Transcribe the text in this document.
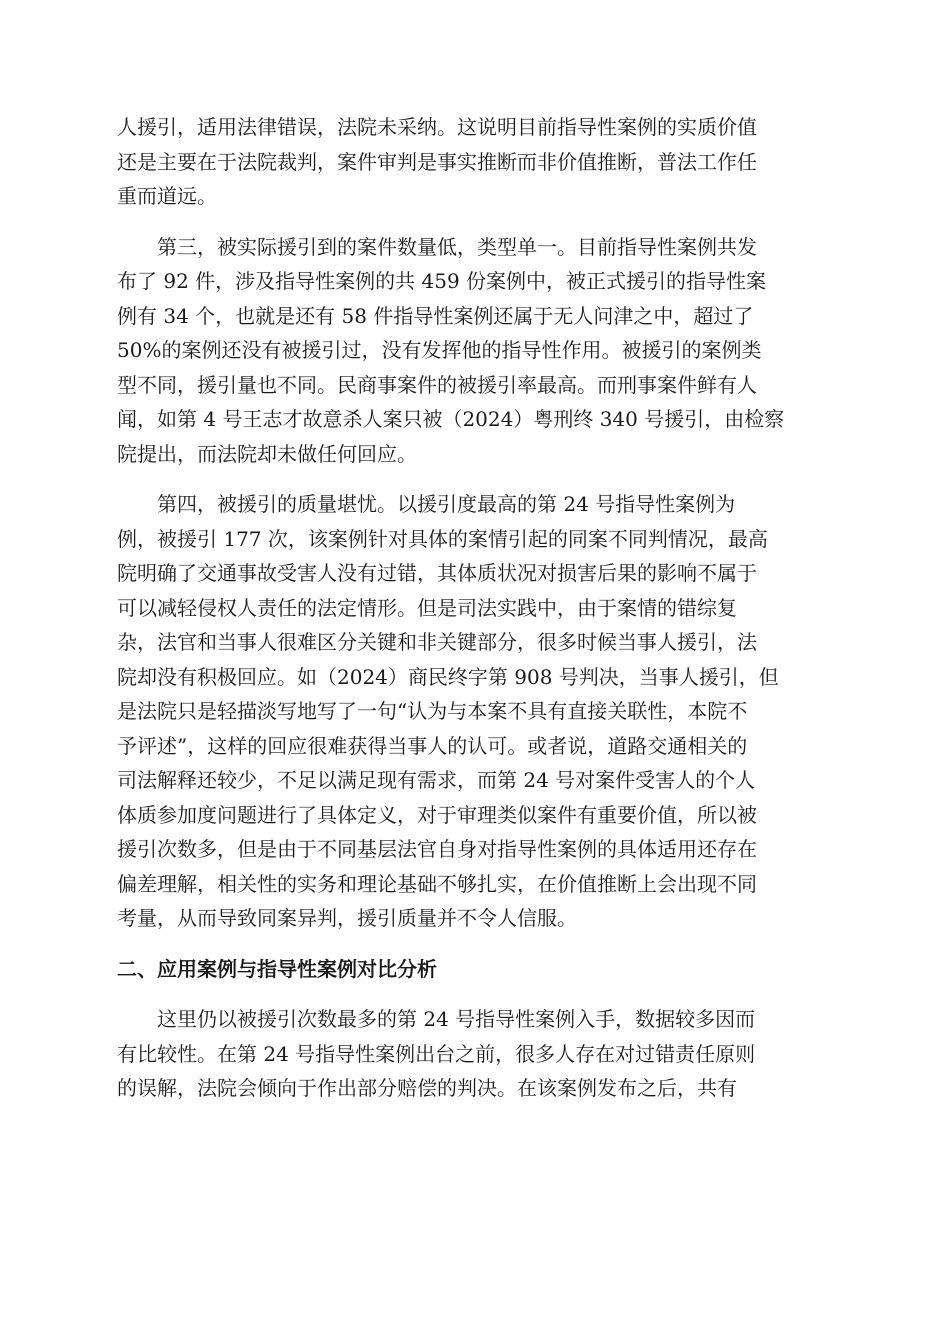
人援引，适用法律错误，法院未采纳。这说明目前指导性案例的实质价值
还是主要在于法院裁判，案件审判是事实推断而非价值推断，普法工作任
重而道远。

　　第三，被实际援引到的案件数量低，类型单一。目前指导性案例共发
布了 92 件，涉及指导性案例的共 459 份案例中，被正式援引的指导性案
例有 34 个，也就是还有 58 件指导性案例还属于无人问津之中，超过了
50%的案例还没有被援引过，没有发挥他的指导性作用。被援引的案例类
型不同，援引量也不同。民商事案件的被援引率最高。而刑事案件鲜有人
闻，如第 4 号王志才故意杀人案只被（2024）粤刑终 340 号援引，由检察
院提出，而法院却未做任何回应。

　　第四，被援引的质量堪忧。以援引度最高的第 24 号指导性案例为
例，被援引 177 次，该案例针对具体的案情引起的同案不同判情况，最高
院明确了交通事故受害人没有过错，其体质状况对损害后果的影响不属于
可以减轻侵权人责任的法定情形。但是司法实践中，由于案情的错综复
杂，法官和当事人很难区分关键和非关键部分，很多时候当事人援引，法
院却没有积极回应。如（2024）商民终字第 908 号判决，当事人援引，但
是法院只是轻描淡写地写了一句“认为与本案不具有直接关联性，本院不
予评述”，这样的回应很难获得当事人的认可。或者说，道路交通相关的
司法解释还较少，不足以满足现有需求，而第 24 号对案件受害人的个人
体质参加度问题进行了具体定义，对于审理类似案件有重要价值，所以被
援引次数多，但是由于不同基层法官自身对指导性案例的具体适用还存在
偏差理解，相关性的实务和理论基础不够扎实，在价值推断上会出现不同
考量，从而导致同案异判，援引质量并不令人信服。

二、应用案例与指导性案例对比分析

　　这里仍以被援引次数最多的第 24 号指导性案例入手，数据较多因而
有比较性。在第 24 号指导性案例出台之前，很多人存在对过错责任原则
的误解，法院会倾向于作出部分赔偿的判决。在该案例发布之后，共有
